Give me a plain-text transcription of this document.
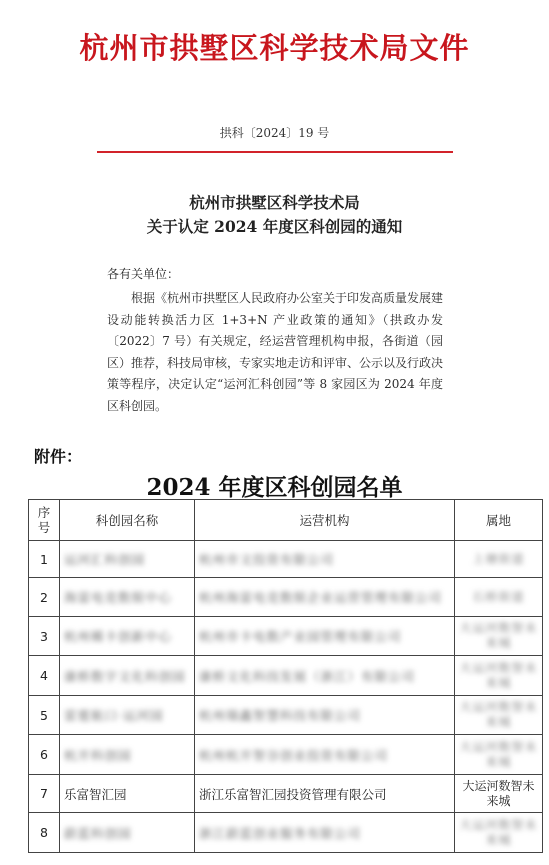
杭州市拱墅区科学技术局文件
拱科〔2024〕19 号
杭州市拱墅区科学技术局
关于认定 2024 年度区科创园的通知
各有关单位：
根据《杭州市拱墅区人民政府办公室关于印发高质量发展建设动能转换活力区 1+3+N 产业政策的通知》（拱政办发〔2022〕7 号）有关规定，经运营管理机构申报，各街道（园区）推荐，科技局审核，专家实地走访和评审、公示以及行政决策等程序，决定认定“运河汇科创园”等 8 家园区为 2024 年度区科创园。
附件：
2024 年度区科创园名单
序号	科创园名称	运营机构	属地
1	运河汇科创园	杭州市文投资有限公司	上塘街道
2	海富电竞数娱中心	杭州海富电竞数娱企业运营管理有限公司	石桥街道
3	杭州稀卡创新中心	杭州市卡电数产业园管理有限公司	大运河数智未来城
4	康桥数字文化科创园	康桥文化科技发展（浙江）有限公司	大运河数智未来城
5	雷霆航口·运河园	杭州瑞鑫智慧科技有限公司	大运河数智未来城
6	杭开科创园	杭州杭开智谷创业投资有限公司	大运河数智未来城
7	乐富智汇园	浙江乐富智汇园投资管理有限公司	大运河数智未来城
8	蔚蓝科创园	浙江蔚蓝创业服务有限公司	大运河数智未来城
